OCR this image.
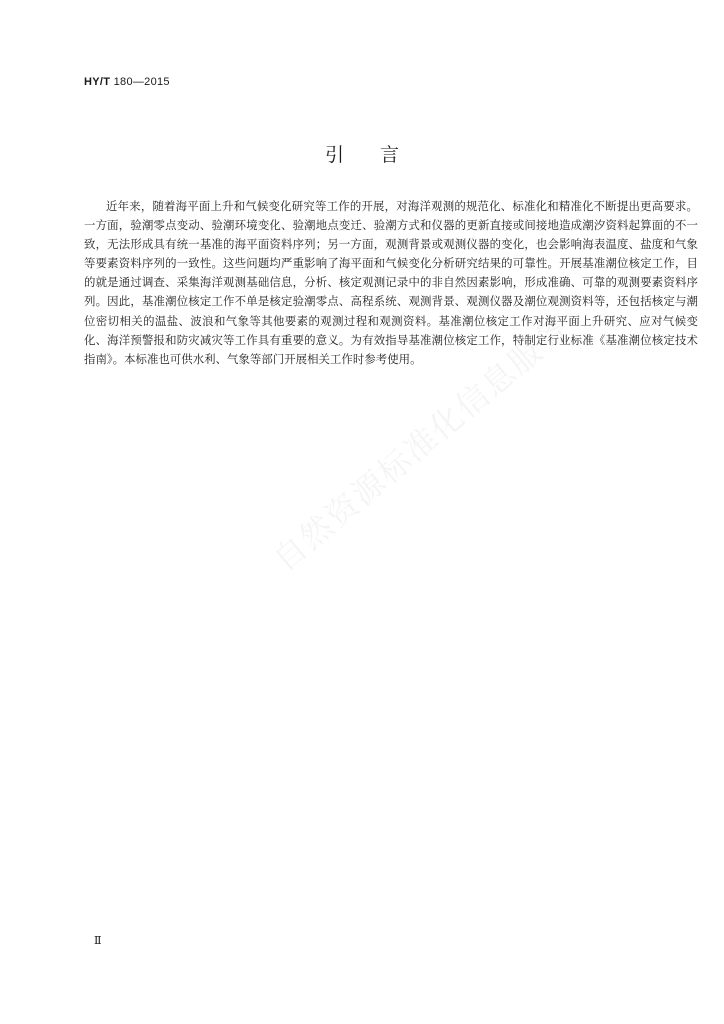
HY/T 180—2015
引言

近年来，随着海平面上升和气候变化研究等工作的开展，对海洋观测的规范化、标准化和精准化不断提出更高要求。一方面，验潮零点变动、验潮环境变化、验潮地点变迁、验潮方式和仪器的更新直接或间接地造成潮汐资料起算面的不一致，无法形成具有统一基准的海平面资料序列；另一方面，观测背景或观测仪器的变化，也会影响海表温度、盐度和气象等要素资料序列的一致性。这些问题均严重影响了海平面和气候变化分析研究结果的可靠性。开展基准潮位核定工作，目的就是通过调查、采集海洋观测基础信息，分析、核定观测记录中的非自然因素影响，形成准确、可靠的观测要素资料序列。因此，基准潮位核定工作不单是核定验潮零点、高程系统、观测背景、观测仪器及潮位观测资料等，还包括核定与潮位密切相关的温盐、波浪和气象等其他要素的观测过程和观测资料。基准潮位核定工作对海平面上升研究、应对气候变化、海洋预警报和防灾减灾等工作具有重要的意义。为有效指导基准潮位核定工作，特制定行业标准《基准潮位核定技术指南》。本标准也可供水利、气象等部门开展相关工作时参考使用。

Ⅱ
